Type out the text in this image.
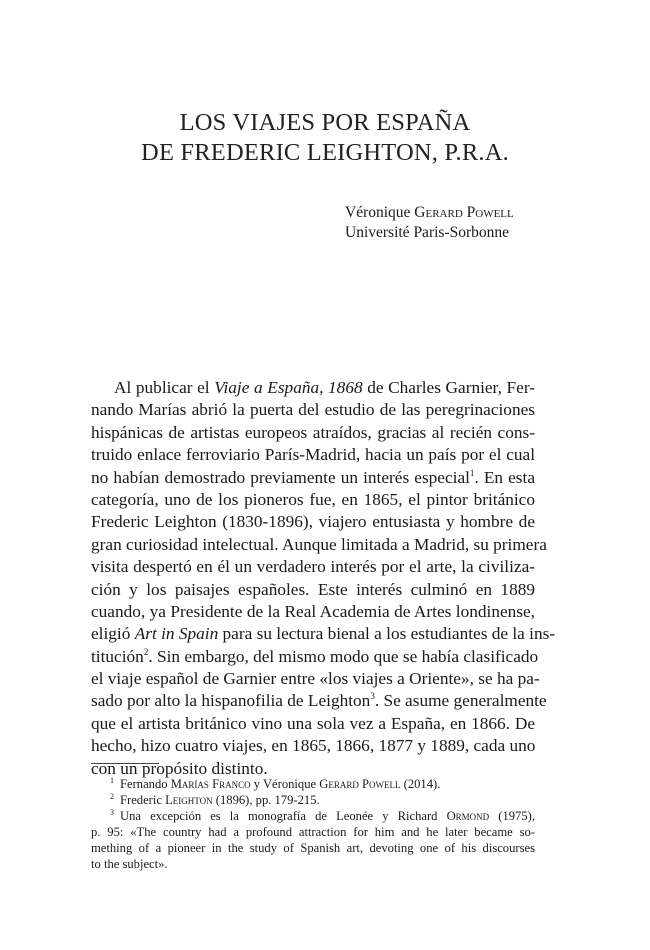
LOS VIAJES POR ESPAÑA
DE FREDERIC LEIGHTON, P.R.A.
Véronique Gerard Powell
Université Paris-Sorbonne
Al publicar el Viaje a España, 1868 de Charles Garnier, Fer-
nando Marías abrió la puerta del estudio de las peregrinaciones
hispánicas de artistas europeos atraídos, gracias al recién cons-
truido enlace ferroviario París-Madrid, hacia un país por el cual
no habían demostrado previamente un interés especial$^1$. En esta
categoría, uno de los pioneros fue, en 1865, el pintor británico
Frederic Leighton (1830-1896), viajero entusiasta y hombre de
gran curiosidad intelectual. Aunque limitada a Madrid, su primera
visita despertó en él un verdadero interés por el arte, la civiliza-
ción y los paisajes españoles. Este interés culminó en 1889
cuando, ya Presidente de la Real Academia de Artes londinense,
eligió Art in Spain para su lectura bienal a los estudiantes de la ins-
titución$^2$. Sin embargo, del mismo modo que se había clasificado
el viaje español de Garnier entre «los viajes a Oriente», se ha pa-
sado por alto la hispanofilia de Leighton$^3$. Se asume generalmente
que el artista británico vino una sola vez a España, en 1866. De
hecho, hizo cuatro viajes, en 1865, 1866, 1877 y 1889, cada uno
con un propósito distinto.
$^1$ Fernando Marías Franco y Véronique Gerard Powell (2014).
$^2$ Frederic Leighton (1896), pp. 179-215.
$^3$ Una excepción es la monografía de Leonée y Richard Ormond (1975),
p. 95: «The country had a profound attraction for him and he later became so-
mething of a pioneer in the study of Spanish art, devoting one of his discourses
to the subject».
